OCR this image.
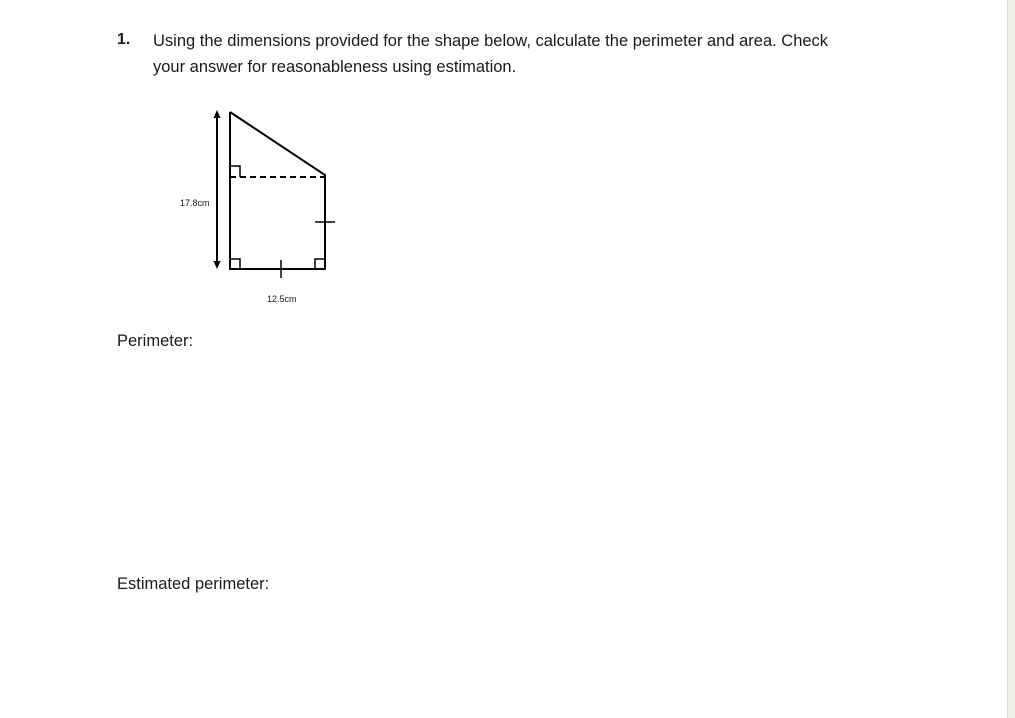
1. Using the dimensions provided for the shape below, calculate the perimeter and area. Check
your answer for reasonableness using estimation.
17.8cm
12.5cm
Perimeter:
Estimated perimeter:
